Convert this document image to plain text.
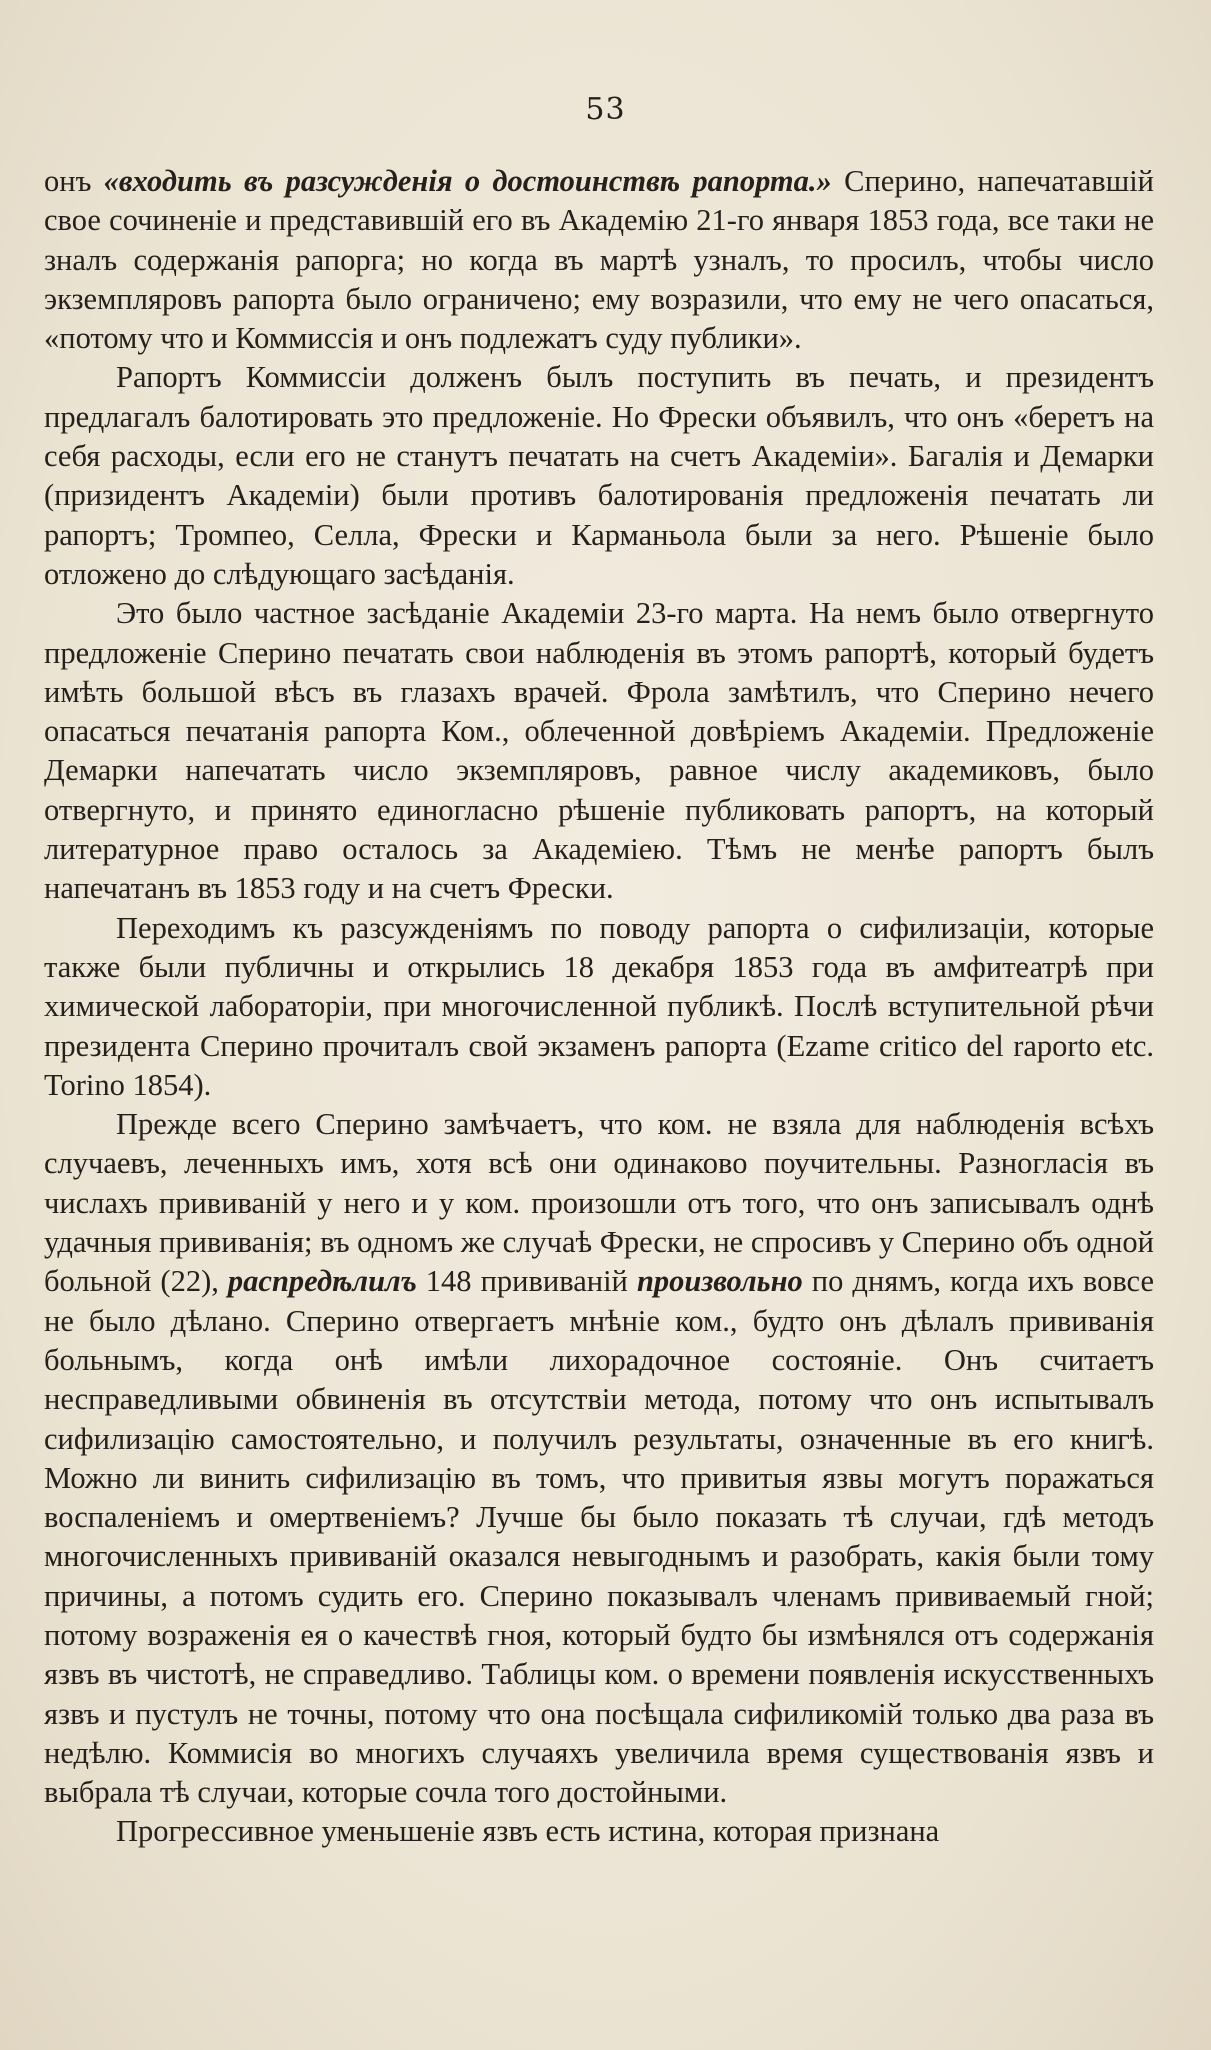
53

онъ «входить въ разсужденія о достоинствѣ рапорта.» Сперино, напечатавшій свое сочиненіе и представившій его въ Академію 21-го января 1853 года, все таки не зналъ содержанія рапорга; но когда въ мартѣ узналъ, то просилъ, чтобы число экземпляровъ рапорта было ограничено; ему возразили, что ему не чего опасаться, «потому что и Коммиссія и онъ подлежатъ суду публики».

Рапортъ Коммиссіи долженъ былъ поступить въ печать, и президентъ предлагалъ балотировать это предложеніе. Но Фрески объявилъ, что онъ «беретъ на себя расходы, если его не станутъ печатать на счетъ Академіи». Багалія и Демарки (призидентъ Академіи) были противъ балотированія предложенія печатать ли рапортъ; Тромпео, Селла, Фрески и Карманьола были за него. Рѣшеніе было отложено до слѣдующаго засѣданія.

Это было частное засѣданіе Академіи 23-го марта. На немъ было отвергнуто предложеніе Сперино печатать свои наблюденія въ этомъ рапортѣ, который будетъ имѣть большой вѣсъ въ глазахъ врачей. Фрола замѣтилъ, что Сперино нечего опасаться печатанія рапорта Ком., облеченной довѣріемъ Академіи. Предложеніе Демарки напечатать число экземпляровъ, равное числу академиковъ, было отвергнуто, и принято единогласно рѣшеніе публиковать рапортъ, на который литературное право осталось за Академіею. Тѣмъ не менѣе рапортъ былъ напечатанъ въ 1853 году и на счетъ Фрески.

Переходимъ къ разсужденіямъ по поводу рапорта о сифилизаціи, которые также были публичны и открылись 18 декабря 1853 года въ амфитеатрѣ при химической лабораторіи, при многочисленной публикѣ. Послѣ вступительной рѣчи президента Сперино прочиталъ свой экзаменъ рапорта (Ezame critico del raporto etc. Torino 1854).

Прежде всего Сперино замѣчаетъ, что ком. не взяла для наблюденія всѣхъ случаевъ, леченныхъ имъ, хотя всѣ они одинаково поучительны. Разногласія въ числахъ прививаній у него и у ком. произошли отъ того, что онъ записывалъ однѣ удачныя прививанія; въ одномъ же случаѣ Фрески, не спросивъ у Сперино объ одной больной (22), распредѣлилъ 148 прививаній произвольно по днямъ, когда ихъ вовсе не было дѣлано. Сперино отвергаетъ мнѣніе ком., будто онъ дѣлалъ прививанія больнымъ, когда онѣ имѣли лихорадочное состояніе. Онъ считаетъ несправедливыми обвиненія въ отсутствіи метода, потому что онъ испытывалъ сифилизацію самостоятельно, и получилъ результаты, означенные въ его книгѣ. Можно ли винить сифилизацію въ томъ, что привитыя язвы могутъ поражаться воспаленіемъ и омертвеніемъ? Лучше бы было показать тѣ случаи, гдѣ методъ многочисленныхъ прививаній оказался невыгоднымъ и разобрать, какія были тому причины, а потомъ судить его. Сперино показывалъ членамъ прививаемый гной; потому возраженія ея о качествѣ гноя, который будто бы измѣнялся отъ содержанія язвъ въ чистотѣ, не справедливо. Таблицы ком. о времени появленія искусственныхъ язвъ и пустулъ не точны, потому что она посѣщала сифиликомій только два раза въ недѣлю. Коммисія во многихъ случаяхъ увеличила время существованія язвъ и выбрала тѣ случаи, которые сочла того достойными.

Прогрессивное уменьшеніе язвъ есть истина, которая признана
